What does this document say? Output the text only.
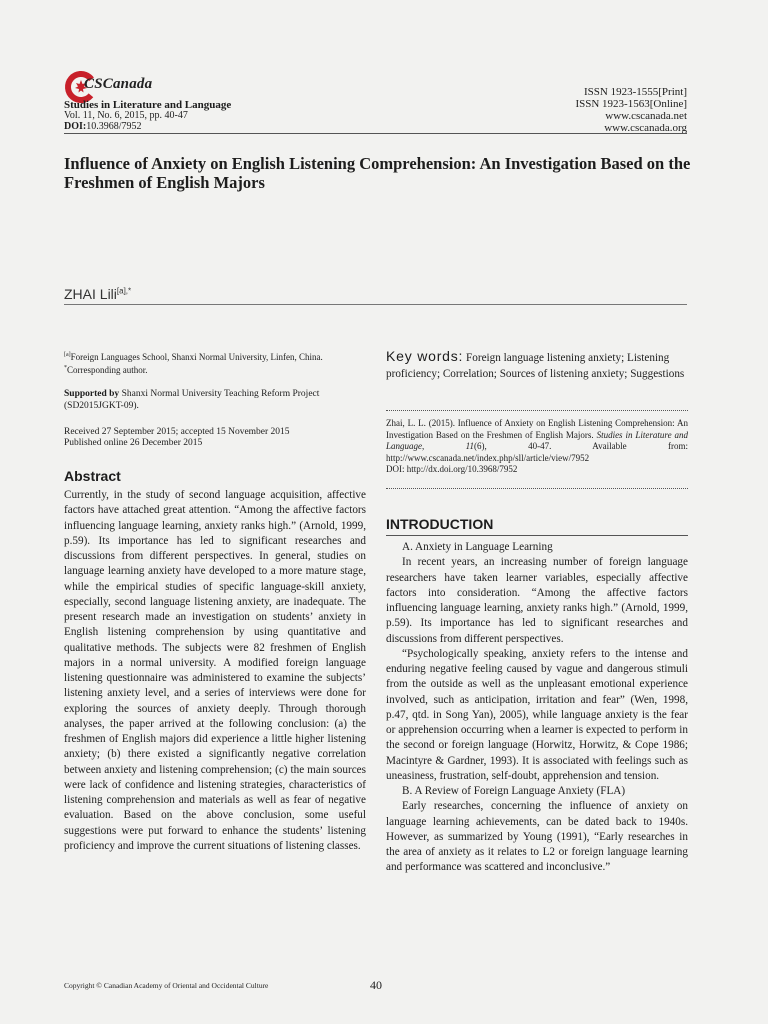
CSCanada
Studies in Literature and Language
Vol. 11, No. 6, 2015, pp. 40-47
DOI:10.3968/7952
ISSN 1923-1555[Print]
ISSN 1923-1563[Online]
www.cscanada.net
www.cscanada.org
Influence of Anxiety on English Listening Comprehension: An Investigation Based on the Freshmen of English Majors
ZHAI Lili$^{[a],*}$
[a]Foreign Languages School, Shanxi Normal University, Linfen, China.
*Corresponding author.
Supported by Shanxi Normal University Teaching Reform Project (SD2015JGKT-09).
Received 27 September 2015; accepted 15 November 2015
Published online 26 December 2015
Abstract
Currently, in the study of second language acquisition, affective factors have attached great attention. “Among the affective factors influencing language learning, anxiety ranks high.” (Arnold, 1999, p.59). Its importance has led to significant researches and discussions from different perspectives. In general, studies on language learning anxiety have developed to a more mature stage, while the empirical studies of specific language-skill anxiety, especially, second language listening anxiety, are inadequate. The present research made an investigation on students’ anxiety in English listening comprehension by using quantitative and qualitative methods. The subjects were 82 freshmen of English majors in a normal university. A modified foreign language listening questionnaire was administered to examine the subjects’ listening anxiety level, and a series of interviews were done for exploring the sources of anxiety deeply. Through thorough analyses, the paper arrived at the following conclusion: (a) the freshmen of English majors did experience a little higher listening anxiety; (b) there existed a significantly negative correlation between anxiety and listening comprehension; (c) the main sources were lack of confidence and listening strategies, characteristics of listening comprehension and materials as well as fear of negative evaluation. Based on the above conclusion, some useful suggestions were put forward to enhance the students’ listening proficiency and improve the current situations of listening classes.
Key words: Foreign language listening anxiety; Listening proficiency; Correlation; Sources of listening anxiety; Suggestions
Zhai, L. L. (2015). Influence of Anxiety on English Listening Comprehension: An Investigation Based on the Freshmen of English Majors. Studies in Literature and Language, 11(6), 40-47. Available from: http://www.cscanada.net/index.php/sll/article/view/7952
DOI: http://dx.doi.org/10.3968/7952
INTRODUCTION

A. Anxiety in Language Learning

In recent years, an increasing number of foreign language researchers have taken learner variables, especially affective factors into consideration. “Among the affective factors influencing language learning, anxiety ranks high.” (Arnold, 1999, p.59). Its importance has led to significant researches and discussions from different perspectives.

“Psychologically speaking, anxiety refers to the intense and enduring negative feeling caused by vague and dangerous stimuli from the outside as well as the unpleasant emotional experience involved, such as anticipation, irritation and fear” (Wen, 1998, p.47, qtd. in Song Yan), 2005), while language anxiety is the fear or apprehension occurring when a learner is expected to perform in the second or foreign language (Horwitz, Horwitz, & Cope 1986; Macintyre & Gardner, 1993). It is associated with feelings such as uneasiness, frustration, self-doubt, apprehension and tension.

B. A Review of Foreign Language Anxiety (FLA)

Early researches, concerning the influence of anxiety on language learning achievements, can be dated back to 1940s. However, as summarized by Young (1991), “Early researches in the area of anxiety as it relates to L2 or foreign language learning and performance was scattered and inconclusive.”

Copyright © Canadian Academy of Oriental and Occidental Culture	40
